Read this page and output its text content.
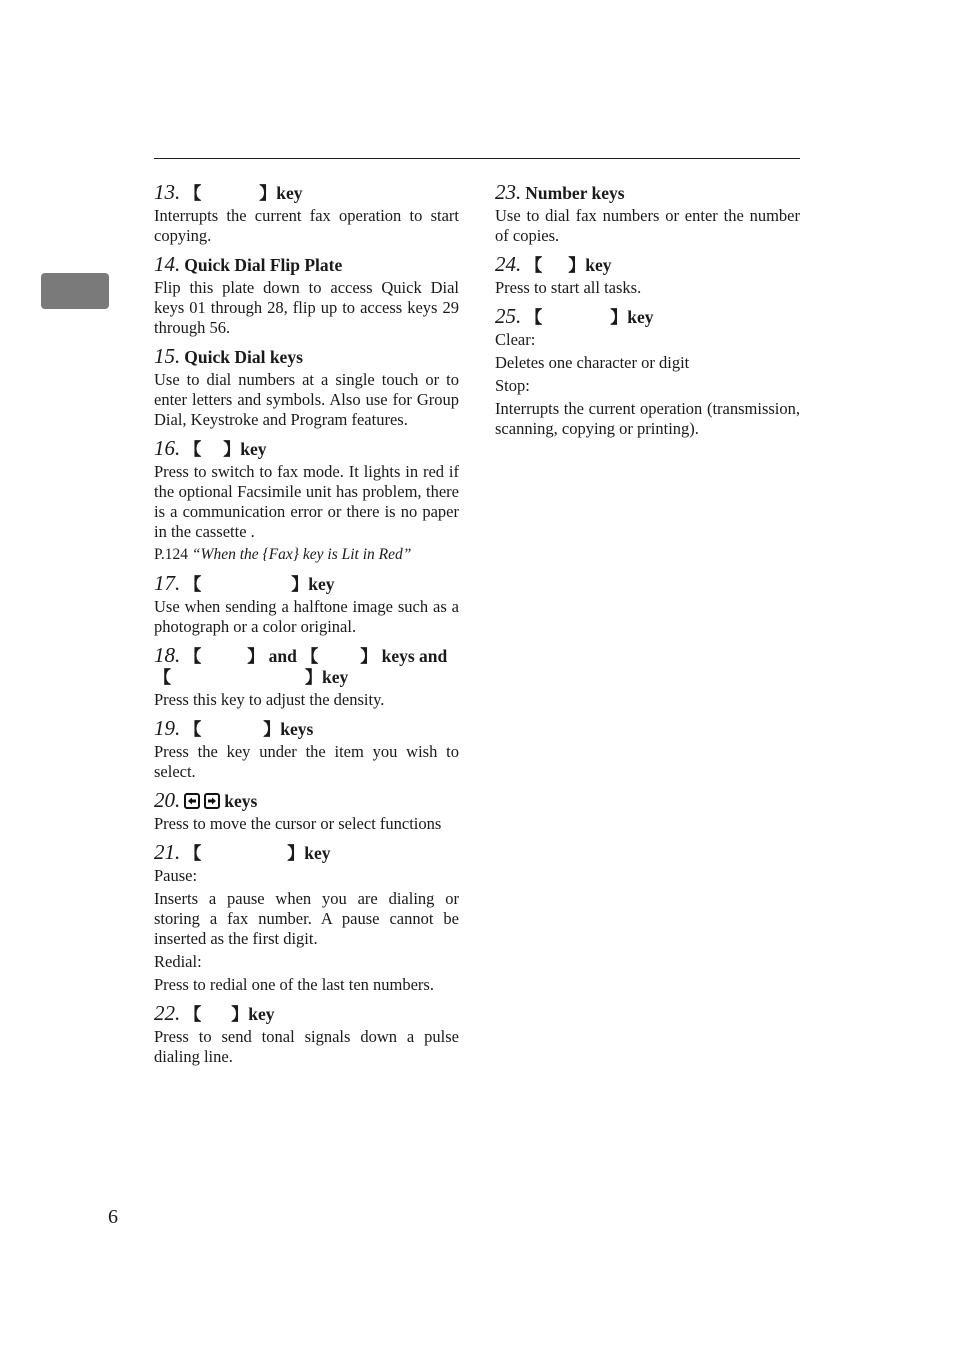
13. 【	】key

Interrupts the current fax operation to start copying.

14. Quick Dial Flip Plate

Flip this plate down to access Quick Dial keys 01 through 28, flip up to access keys 29 through 56.

15. Quick Dial keys

Use to dial numbers at a single touch or to enter letters and symbols. Also use for Group Dial, Keystroke and Program features.

16. 【 】key

Press to switch to fax mode. It lights in red if the optional Facsimile unit has problem, there is a communication error or there is no paper in the cassette .

P.124 “When the {Fax} key is Lit in Red”

17. 【	】key

Use when sending a halftone image such as a photograph or a color original.

18. 【	】 and 【 】 keys and
【	】key

Press this key to adjust the density.

19. 【	】keys

Press the key under the item you wish to select.

20.	keys

Press to move the cursor or select functions

21. 【	】key

Pause:

Inserts a pause when you are dialing or storing a fax number. A pause cannot be inserted as the first digit.

Redial:

Press to redial one of the last ten numbers.

22. 【 】key

Press to send tonal signals down a pulse dialing line.

23. Number keys

Use to dial fax numbers or enter the number of copies.

24. 【 】key

Press to start all tasks.

25. 【	】key

Clear:

Deletes one character or digit

Stop:

Interrupts the current operation (transmission, scanning, copying or printing).

6
